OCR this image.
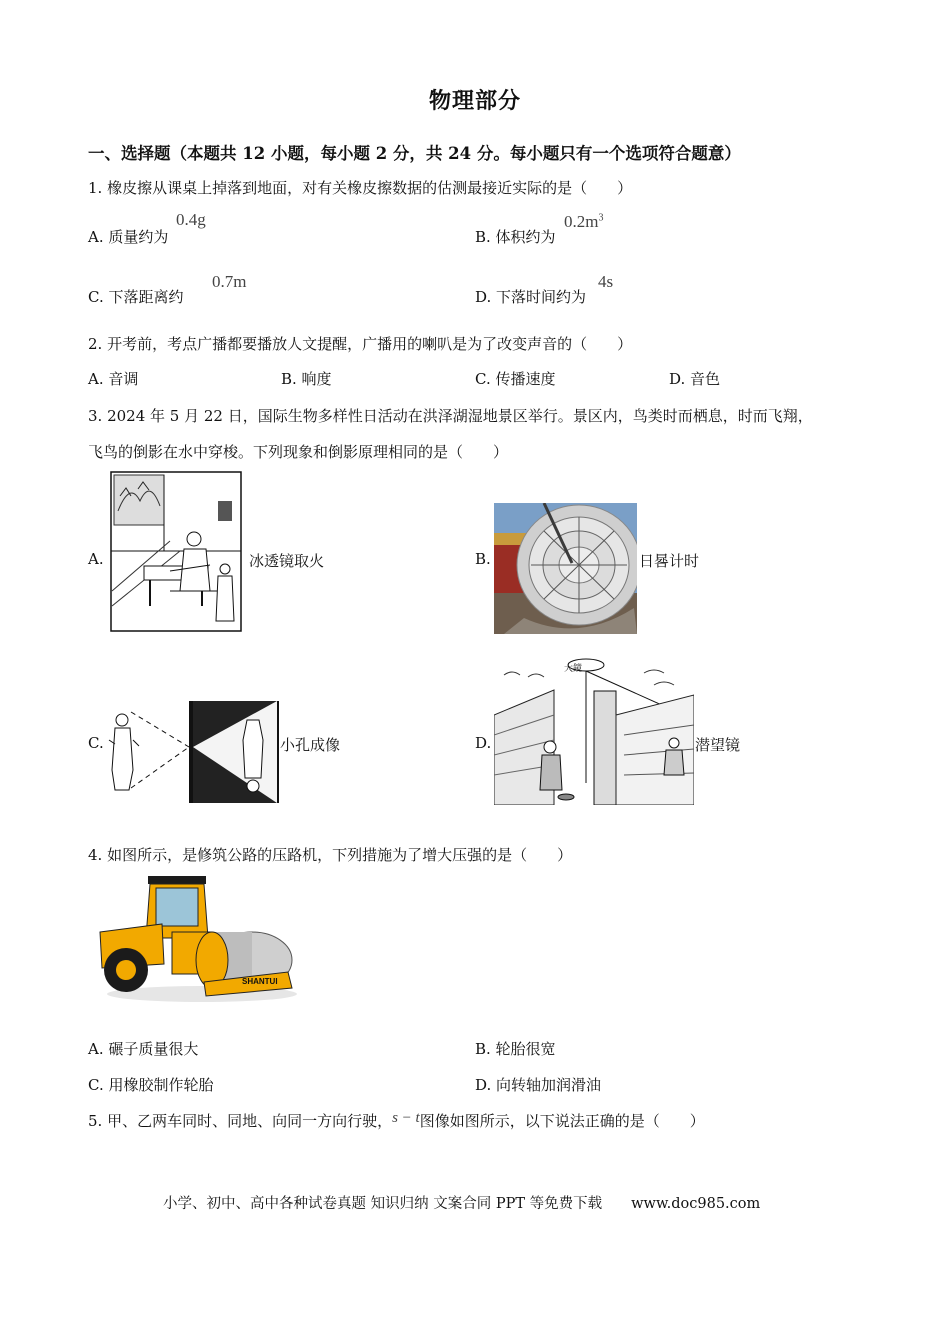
物理部分
一、选择题（本题共 12 小题，每小题 2 分，共 24 分。每小题只有一个选项符合题意）
1. 橡皮擦从课桌上掉落到地面，对有关橡皮擦数据的估测最接近实际的是（　　）
A. 质量约为
0.4g
B. 体积约为
$0.2m^3$
C. 下落距离约
0.7m
D. 下落时间约为
4s
2. 开考前，考点广播都要播放人文提醒，广播用的喇叭是为了改变声音的（　　）
A. 音调	B. 响度	C. 传播速度	D. 音色
3. 2024 年 5 月 22 日，国际生物多样性日活动在洪泽湖湿地景区举行。景区内，鸟类时而栖息，时而飞翔，
飞鸟的倒影在水中穿梭。下列现象和倒影原理相同的是（　　）
A.	冰透镜取火	B.	日晷计时
C.	小孔成像	D.
大鏡
潜望镜
4. 如图所示，是修筑公路的压路机，下列措施为了增大压强的是（　　）
SHANTUI
A. 碾子质量很大	B. 轮胎很宽
C. 用橡胶制作轮胎	D. 向转轴加润滑油
5. 甲、乙两车同时、同地、向同一方向行驶，s − t图像如图所示，以下说法正确的是（　　）
小学、初中、高中各种试卷真题 知识归纳 文案合同 PPT 等免费下载　　www.doc985.com
